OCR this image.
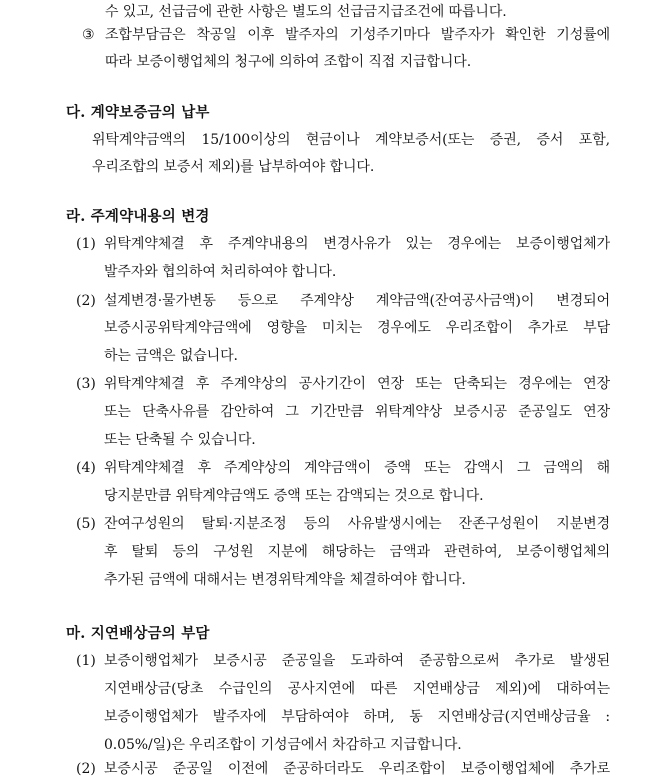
수 있고, 선급금에 관한 사항은 별도의 선급금지급조건에 따릅니다.
③ 조합부담금은 착공일 이후 발주자의 기성주기마다 발주자가 확인한 기성률에
따라 보증이행업체의 청구에 의하여 조합이 직접 지급합니다.
다. 계약보증금의 납부
위탁계약금액의 15/100이상의 현금이나 계약보증서(또는 증권, 증서 포함,
우리조합의 보증서 제외)를 납부하여야 합니다.
라. 주계약내용의 변경
(1) 위탁계약체결 후 주계약내용의 변경사유가 있는 경우에는 보증이행업체가
발주자와 협의하여 처리하여야 합니다.
(2) 설계변경·물가변동 등으로 주계약상 계약금액(잔여공사금액)이 변경되어
보증시공위탁계약금액에 영향을 미치는 경우에도 우리조합이 추가로 부담
하는 금액은 없습니다.
(3) 위탁계약체결 후 주계약상의 공사기간이 연장 또는 단축되는 경우에는 연장
또는 단축사유를 감안하여 그 기간만큼 위탁계약상 보증시공 준공일도 연장
또는 단축될 수 있습니다.
(4) 위탁계약체결 후 주계약상의 계약금액이 증액 또는 감액시 그 금액의 해
당지분만큼 위탁계약금액도 증액 또는 감액되는 것으로 합니다.
(5) 잔여구성원의 탈퇴·지분조정 등의 사유발생시에는 잔존구성원이 지분변경
후 탈퇴 등의 구성원 지분에 해당하는 금액과 관련하여, 보증이행업체의
추가된 금액에 대해서는 변경위탁계약을 체결하여야 합니다.
마. 지연배상금의 부담
(1) 보증이행업체가 보증시공 준공일을 도과하여 준공함으로써 추가로 발생된
지연배상금(당초 수급인의 공사지연에 따른 지연배상금 제외)에 대하여는
보증이행업체가 발주자에 부담하여야 하며, 동 지연배상금(지연배상금율 :
0.05%/일)은 우리조합이 기성금에서 차감하고 지급합니다.
(2) 보증시공 준공일 이전에 준공하더라도 우리조합이 보증이행업체에 추가로
